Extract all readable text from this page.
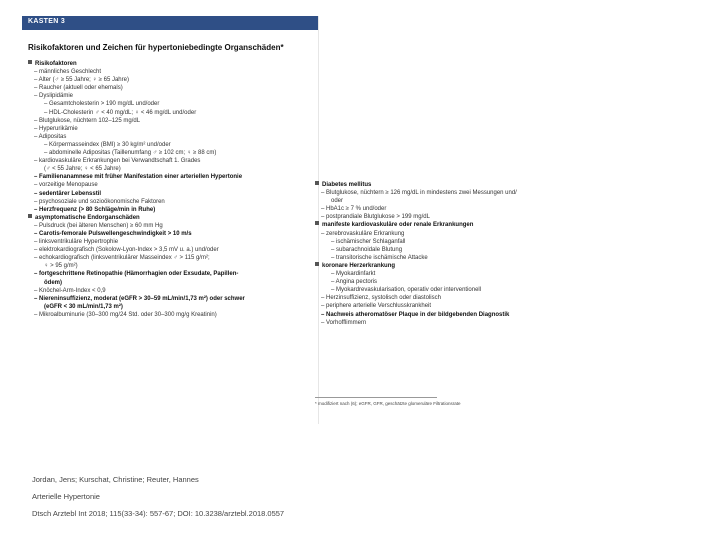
KASTEN 3
Risikofaktoren und Zeichen für hypertoniebedingte Organschäden*
Risikofaktoren
– männliches Geschlecht
– Alter (♂ ≥ 55 Jahre; ♀ ≥ 65 Jahre)
– Raucher (aktuell oder ehemals)
– Dyslipidämie
– Gesamtcholesterin > 190 mg/dL und/oder
– HDL-Cholesterin ♂ < 40 mg/dL; ♀ < 46 mg/dL und/oder
– Blutglukose, nüchtern 102–125 mg/dL
– Hyperurikämie
– Adipositas
– Körpermasseindex (BMI) ≥ 30 kg/m² und/oder
– abdominelle Adipositas (Taillenumfang ♂ ≥ 102 cm; ♀ ≥ 88 cm)
– kardiovaskuläre Erkrankungen bei Verwandtschaft 1. Grades
(♂ < 55 Jahre; ♀ < 65 Jahre)
– Familienanamnese mit früher Manifestation einer arteriellen Hypertonie
– vorzeitige Menopause
– sedentärer Lebensstil
– psychosoziale und sozioökonomische Faktoren
– Herzfrequenz (> 80 Schläge/min in Ruhe)
asymptomatische Endorganschäden
– Pulsdruck (bei älteren Menschen) ≥ 60 mm Hg
– Carotis-femorale Pulswellengeschwindigkeit > 10 m/s
– linksventrikuläre Hypertrophie
– elektrokardiografisch (Sokolow-Lyon-Index > 3,5 mV u. a.) und/oder
– echokardiografisch (linksventrikulärer Masseindex ♂ > 115 g/m²;
♀ > 95 g/m²)
– fortgeschrittene Retinopathie (Hämorrhagien oder Exsudate, Papillen-
ödem)
– Knöchel-Arm-Index < 0,9
– Niereninsuffizienz, moderat (eGFR > 30–59 mL/min/1,73 m²) oder schwer
(eGFR < 30 mL/min/1,73 m²)
– Mikroalbuminurie (30–300 mg/24 Std. oder 30–300 mg/g Kreatinin)
Diabetes mellitus
– Blutglukose, nüchtern ≥ 126 mg/dL in mindestens zwei Messungen und/
oder
– HbA1c ≥ 7 % und/oder
– postprandiale Blutglukose > 199 mg/dL
manifeste kardiovaskuläre oder renale Erkrankungen
– zerebrovaskuläre Erkrankung
– ischämischer Schlaganfall
– subarachnoidale Blutung
– transitorische ischämische Attacke
koronare Herzerkrankung
– Myokardinfarkt
– Angina pectoris
– Myokardrevaskularisation, operativ oder interventionell
– Herzinsuffizienz, systolisch oder diastolisch
– periphere arterielle Verschlusskrankheit
– Nachweis atheromatöser Plaque in der bildgebenden Diagnostik
– Vorhofflimmern
* modifiziert nach (6); eGFR, GFR, geschätzte glomeruläre Filtrationsrate
Jordan, Jens; Kurschat, Christine; Reuter, Hannes
Arterielle Hypertonie
Dtsch Arztebl Int 2018; 115(33-34): 557-67; DOI: 10.3238/arztebl.2018.0557
